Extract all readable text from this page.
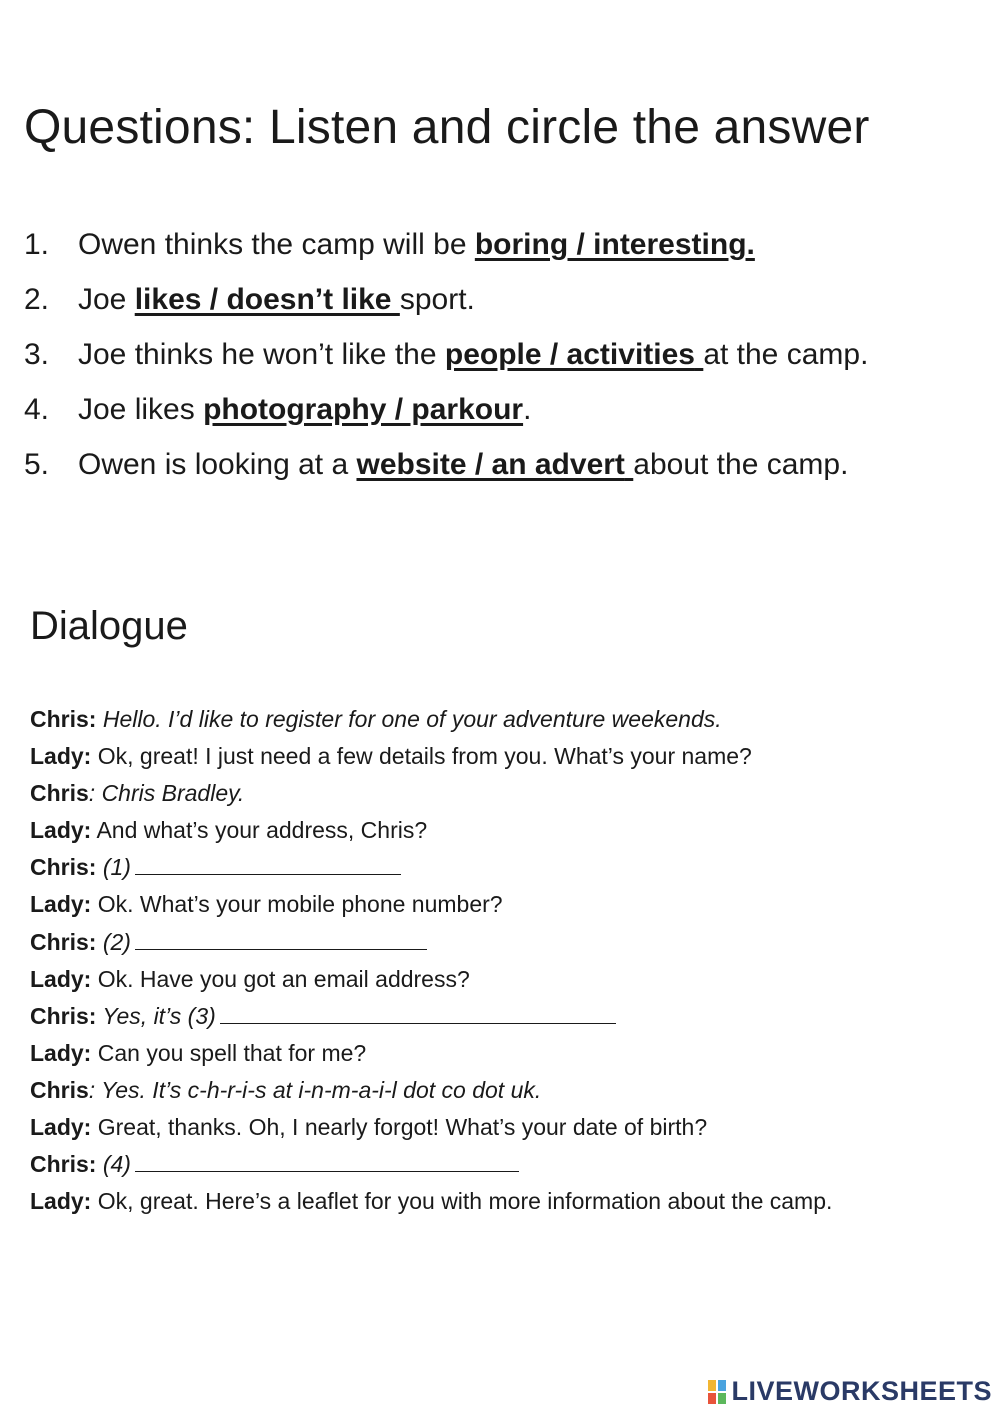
Questions: Listen and circle the answer
1. Owen thinks the camp will be boring / interesting.
2. Joe likes / doesn’t like sport.
3. Joe thinks he won’t like the people / activities at the camp.
4. Joe likes photography / parkour.
5. Owen is looking at a website / an advert about the camp.
Dialogue
Chris: Hello. I’d like to register for one of your adventure weekends.
Lady: Ok, great! I just need a few details from you. What’s your name?
Chris: Chris Bradley.
Lady: And what’s your address, Chris?
Chris: (1)
Lady: Ok. What’s your mobile phone number?
Chris: (2)
Lady: Ok. Have you got an email address?
Chris: Yes, it’s (3)
Lady: Can you spell that for me?
Chris: Yes. It’s c-h-r-i-s at i-n-m-a-i-l dot co dot uk.
Lady: Great, thanks. Oh, I nearly forgot! What’s your date of birth?
Chris: (4)
Lady: Ok, great. Here’s a leaflet for you with more information about the camp.
LIVEWORKSHEETS
